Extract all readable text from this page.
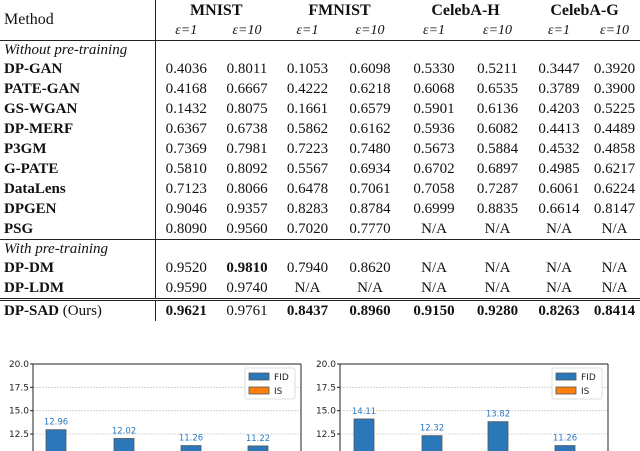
Method	MNIST		FMNIST		CelebA-H		CelebA-G	
	ε=1	ε=10	ε=1	ε=10	ε=1	ε=10	ε=1	ε=10
Without pre-training								
DP-GAN	0.4036	0.8011	0.1053	0.6098	0.5330	0.5211	0.3447	0.3920
PATE-GAN	0.4168	0.6667	0.4222	0.6218	0.6068	0.6535	0.3789	0.3900
GS-WGAN	0.1432	0.8075	0.1661	0.6579	0.5901	0.6136	0.4203	0.5225
DP-MERF	0.6367	0.6738	0.5862	0.6162	0.5936	0.6082	0.4413	0.4489
P3GM	0.7369	0.7981	0.7223	0.7480	0.5673	0.5884	0.4532	0.4858
G-PATE	0.5810	0.8092	0.5567	0.6934	0.6702	0.6897	0.4985	0.6217
DataLens	0.7123	0.8066	0.6478	0.7061	0.7058	0.7287	0.6061	0.6224
DPGEN	0.9046	0.9357	0.8283	0.8784	0.6999	0.8835	0.6614	0.8147
PSG	0.8090	0.9560	0.7020	0.7770	N/A	N/A	N/A	N/A
With pre-training								
DP-DM	0.9520	0.9810	0.7940	0.8620	N/A	N/A	N/A	N/A
DP-LDM	0.9590	0.9740	N/A	N/A	N/A	N/A	N/A	N/A
DP-SAD (Ours)	0.9621	0.9761	0.8437	0.8960	0.9150	0.9280	0.8263	0.8414
20.0
17.5
15.0
12.5
12.96
12.02
11.26	11.22
FID
IS
20.0
17.5
15.0
12.5
14.11
12.32
13.82
11.26
FID
IS
